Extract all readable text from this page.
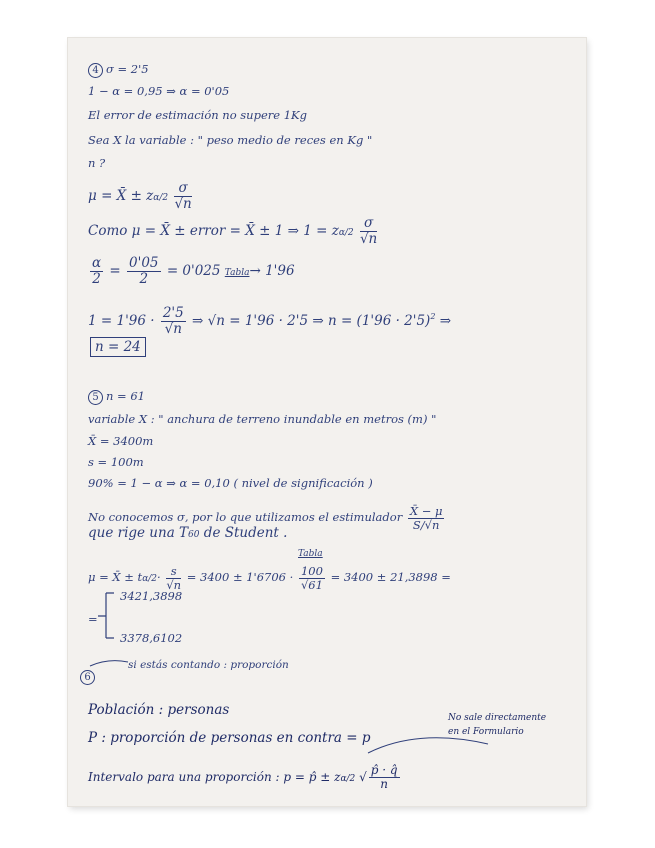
4 σ = 2'5
1 − α = 0,95 ⇒ α = 0'05
El error de estimación no supere 1Kg
Sea X la variable : " peso medio de reces en Kg "
n ?
μ = X̄ ± $z\alpha/2 \frac{\sigma}{√n}$
Como μ = X̄ ± error = X̄ ± 1 ⇒ $1 = z\alpha/2 \frac{\sigma}{√n}$
$\frac{\alpha}{2} = \frac{0'05}{2} = 0'025$ Tabla→ 1'96
$1 = 1'96 \cdot \frac{2'5}{√n}$ ⇒ √n = 1'96 · 2'5 ⇒ $n = (1'96 \cdot 2'5)^2$ ⇒
n = 24
5 n = 61
variable X : " anchura de terreno inundable en metros (m) "
X̄ = 3400m
s = 100m
90% = 1 − α ⇒ α = 0,10 ( nivel de significación )
No conocemos σ, por lo que utilizamos el estimulador $\frac{X̄ - \mu}{S/√n}$
que rige una T60 de Student .
Tabla
μ = X̄ ± $t\alpha/2\cdot \frac{s}{√n} = 3400 \pm 1'6706 \cdot \frac{100}{√61} = 3400 \pm 21,3898$ =
3421,3898
=
3378,6102
6
si estás contando : proporción
Población : personas
P : proporción de personas en contra = p
No sale directamente
en el Formulario
Intervalo para una proporción : p = p̂ ± zα/2 √ $\frac{p̂ \cdot q̂}{n}$
